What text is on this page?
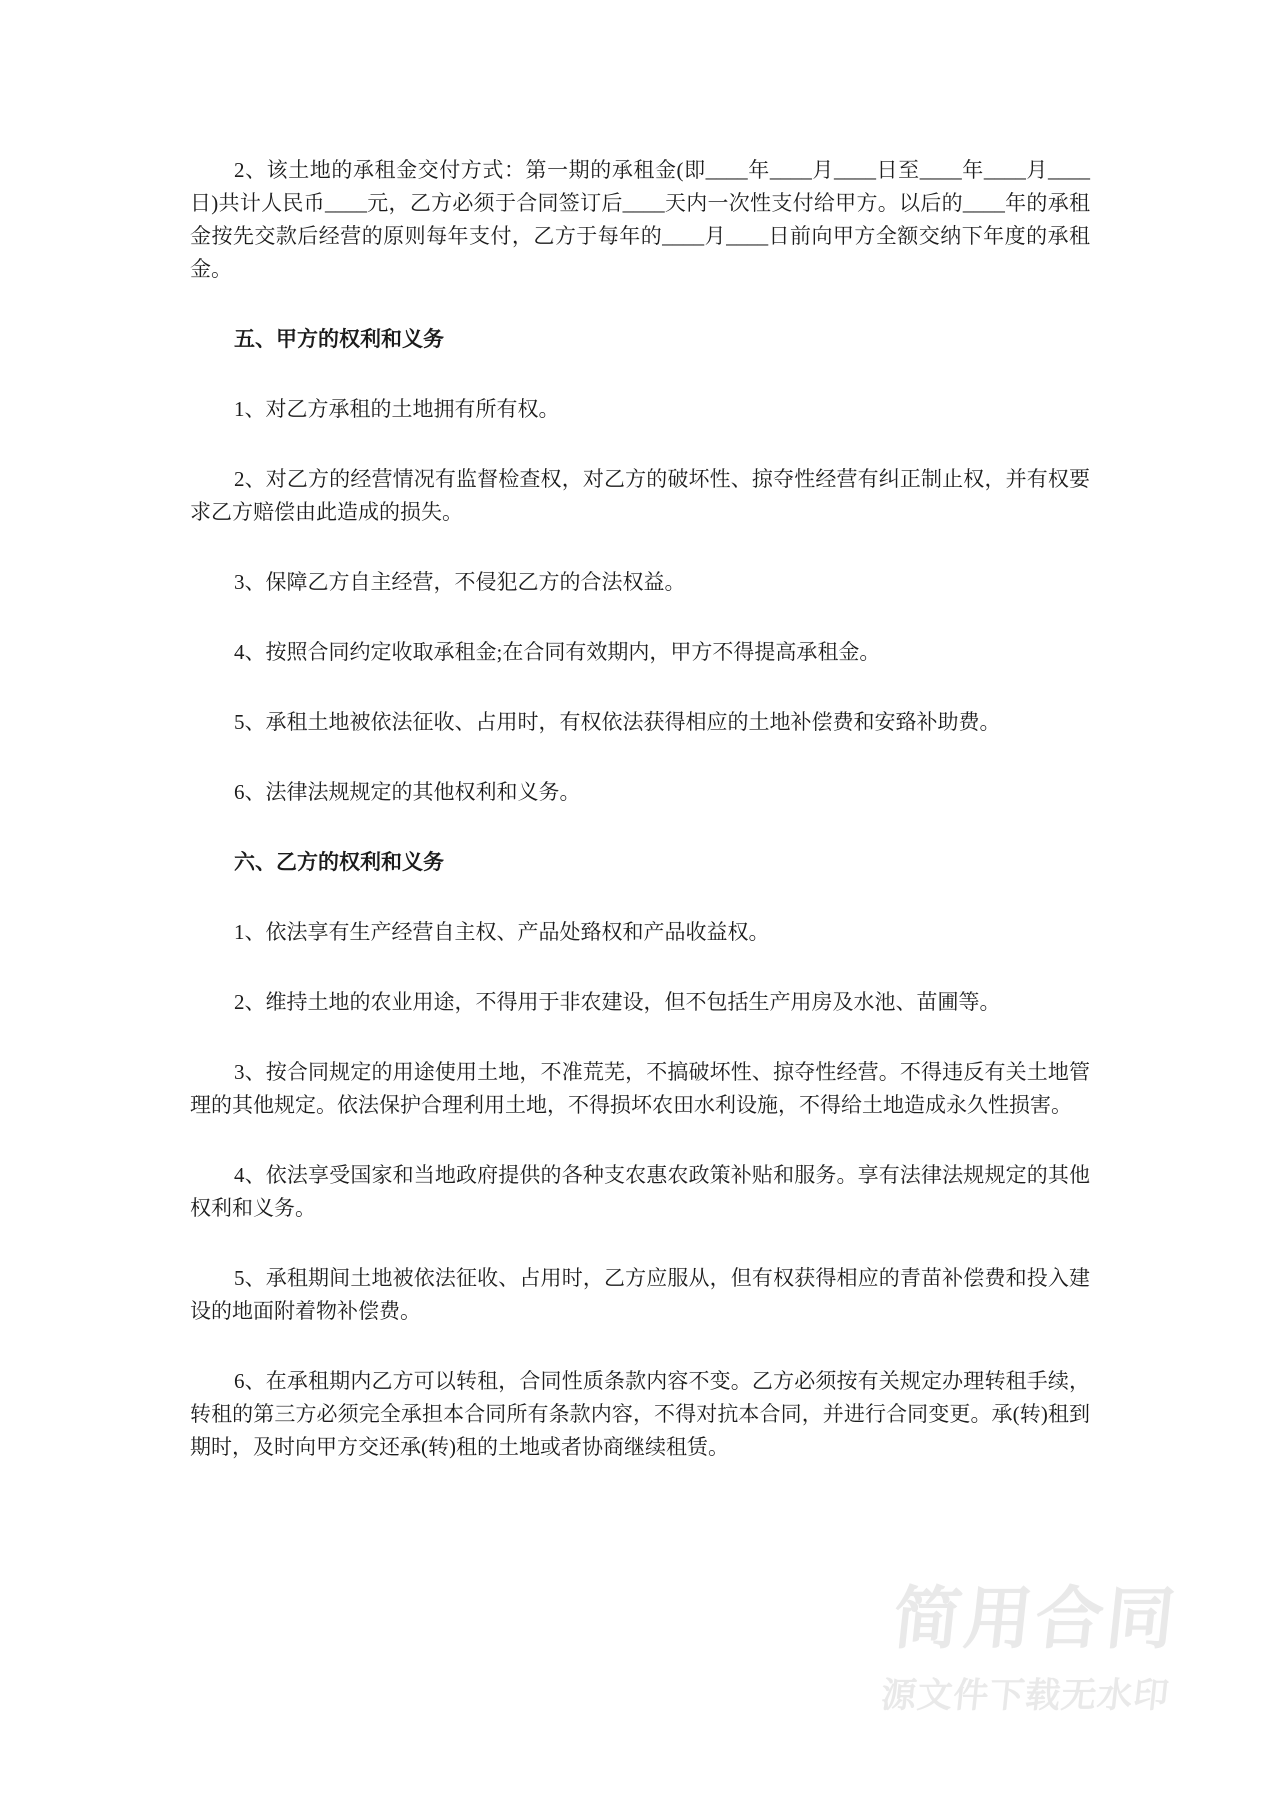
2、该土地的承租金交付方式：第一期的承租金(即____年____月____日至____年____月____日)共计人民币____元，乙方必须于合同签订后____天内一次性支付给甲方。以后的____年的承租金按先交款后经营的原则每年支付，乙方于每年的____月____日前向甲方全额交纳下年度的承租金。

五、甲方的权利和义务

1、对乙方承租的土地拥有所有权。

2、对乙方的经营情况有监督检查权，对乙方的破坏性、掠夺性经营有纠正制止权，并有权要求乙方赔偿由此造成的损失。

3、保障乙方自主经营，不侵犯乙方的合法权益。

4、按照合同约定收取承租金;在合同有效期内，甲方不得提高承租金。

5、承租土地被依法征收、占用时，有权依法获得相应的土地补偿费和安臵补助费。

6、法律法规规定的其他权利和义务。

六、乙方的权利和义务

1、依法享有生产经营自主权、产品处臵权和产品收益权。

2、维持土地的农业用途，不得用于非农建设，但不包括生产用房及水池、苗圃等。

3、按合同规定的用途使用土地，不准荒芜，不搞破坏性、掠夺性经营。不得违反有关土地管理的其他规定。依法保护合理利用土地，不得损坏农田水利设施，不得给土地造成永久性损害。

4、依法享受国家和当地政府提供的各种支农惠农政策补贴和服务。享有法律法规规定的其他权利和义务。

5、承租期间土地被依法征收、占用时，乙方应服从，但有权获得相应的青苗补偿费和投入建设的地面附着物补偿费。

6、在承租期内乙方可以转租，合同性质条款内容不变。乙方必须按有关规定办理转租手续，转租的第三方必须完全承担本合同所有条款内容，不得对抗本合同，并进行合同变更。承(转)租到期时，及时向甲方交还承(转)租的土地或者协商继续租赁。

简用合同
源文件下载无水印
